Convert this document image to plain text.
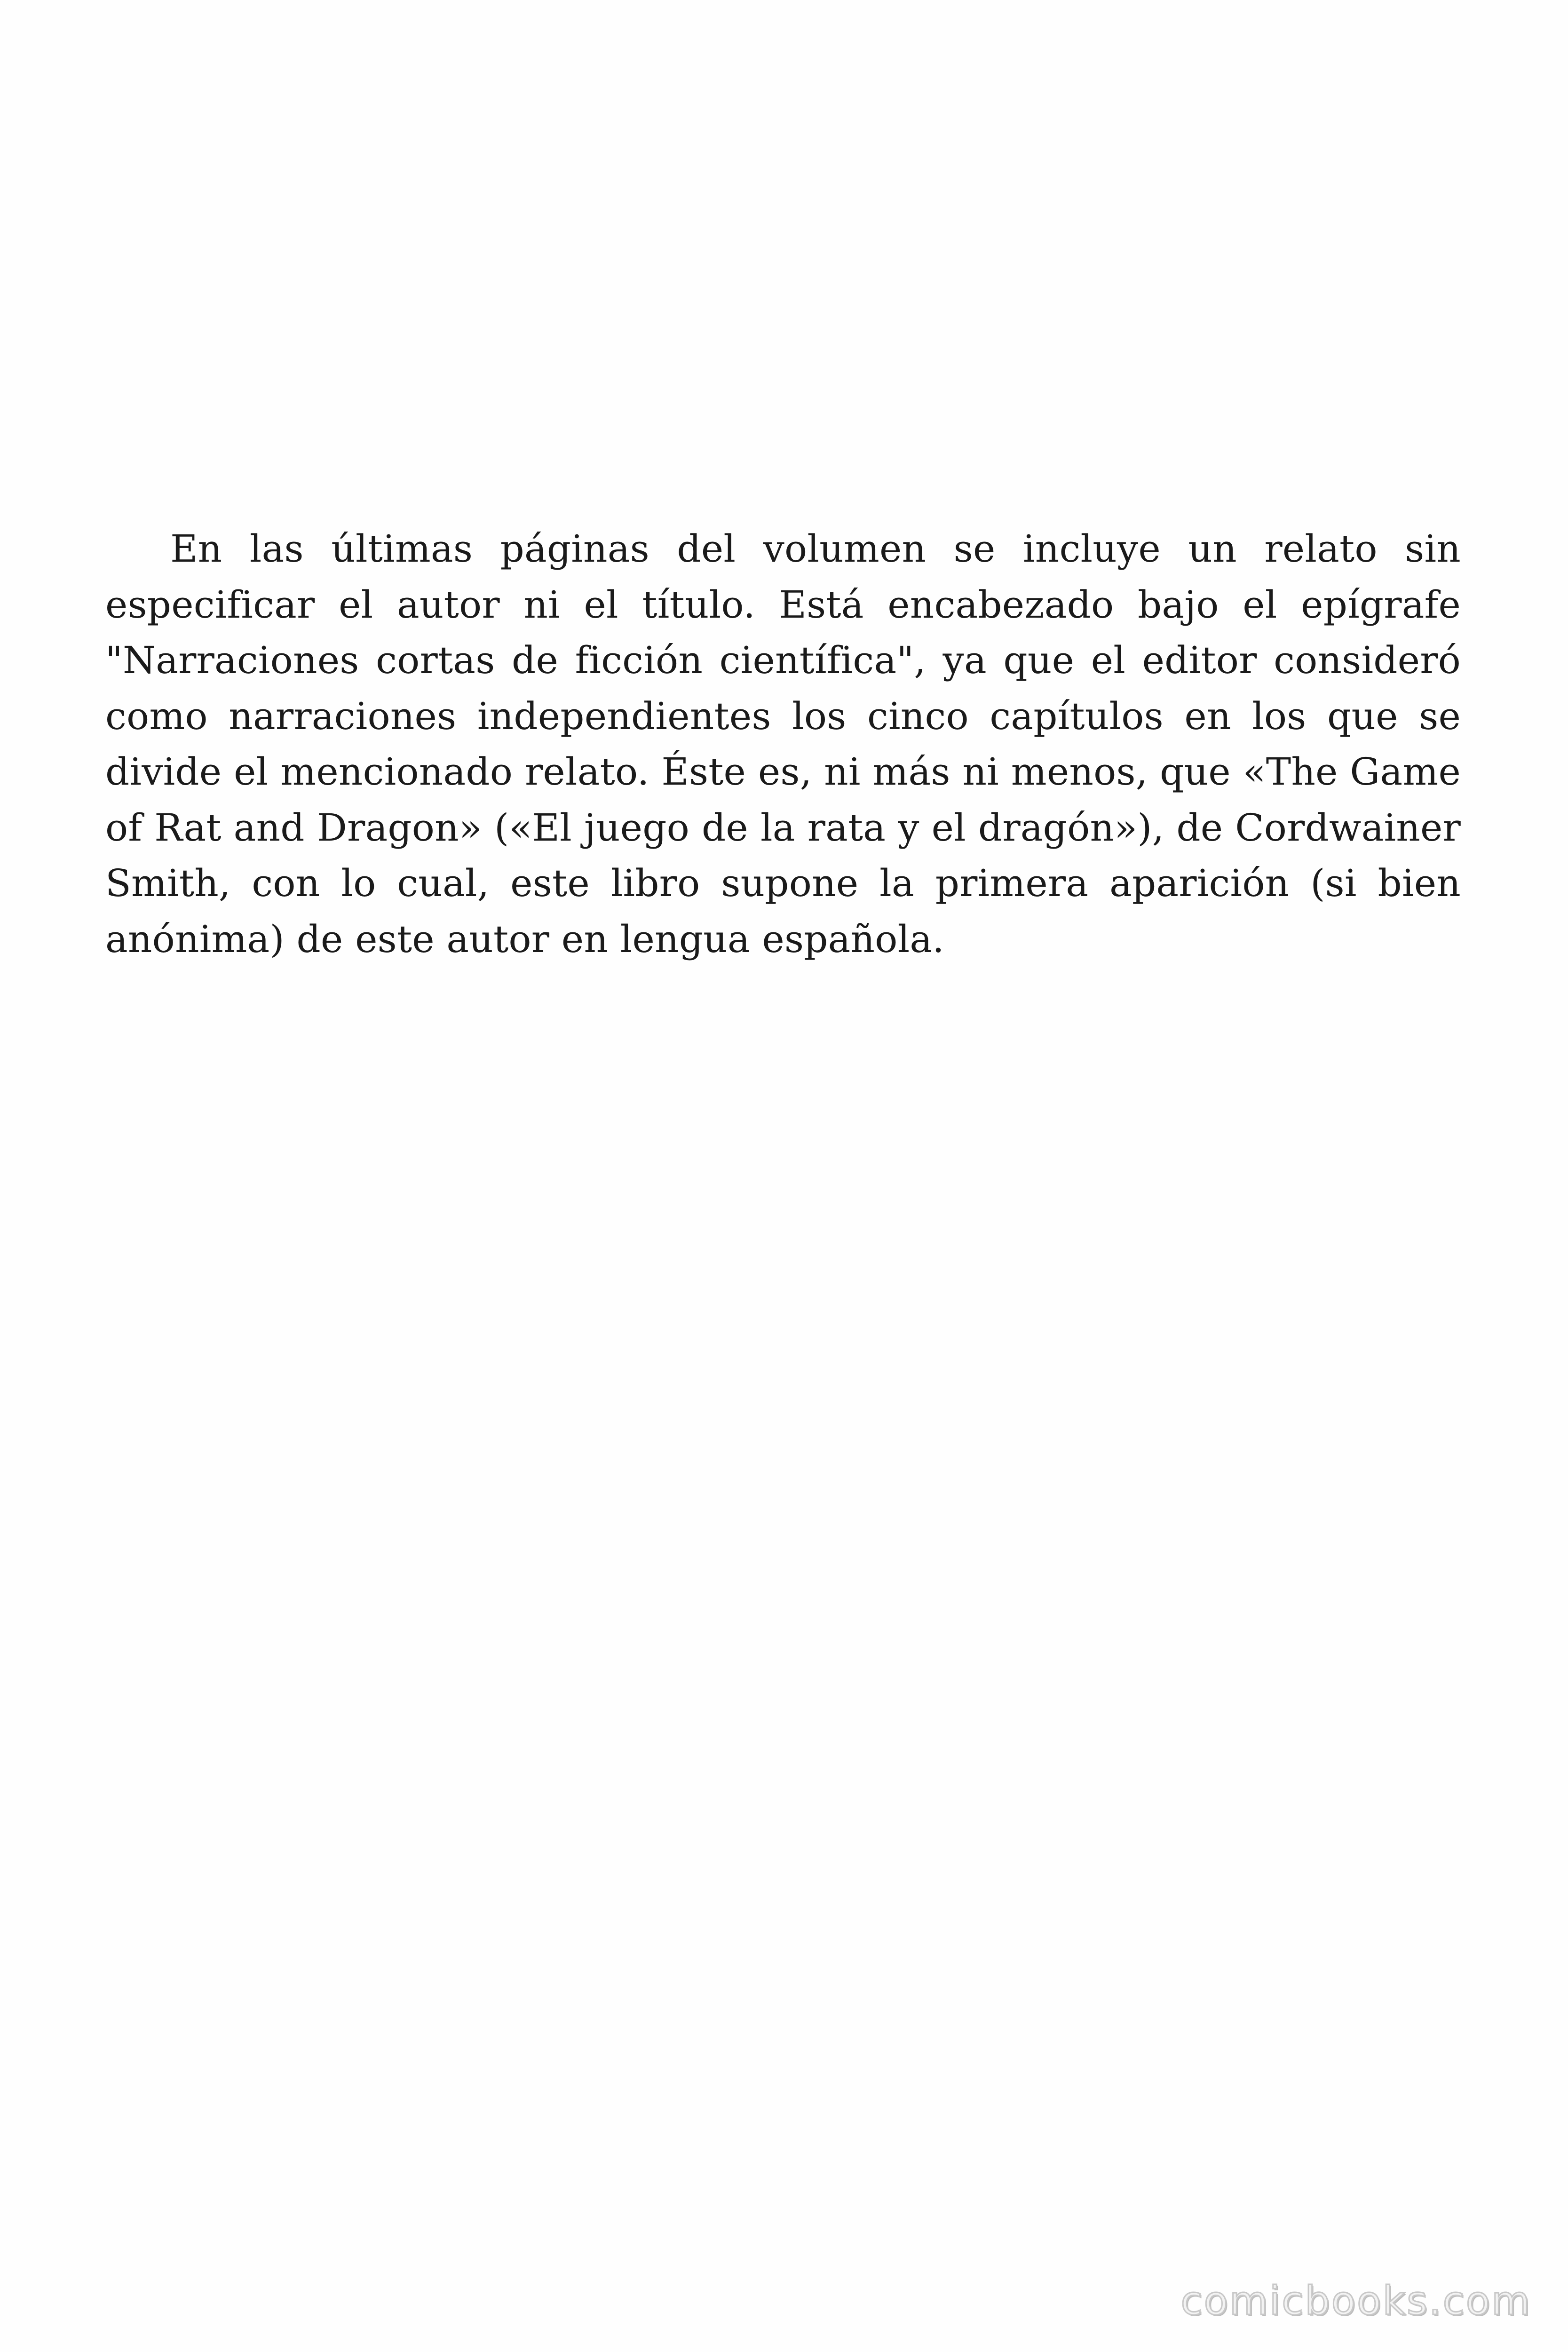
En las últimas páginas del volumen se incluye un relato sin especificar el autor ni el título. Está encabezado bajo el epígrafe "Narraciones cortas de ficción científica", ya que el editor consideró como narraciones independientes los cinco capítulos en los que se divide el mencionado relato. Éste es, ni más ni menos, que «The Game of Rat and Dragon» («El juego de la rata y el dragón»), de Cordwainer Smith, con lo cual, este libro supone la primera aparición (si bien anónima) de este autor en lengua española.

comicbooks.com
